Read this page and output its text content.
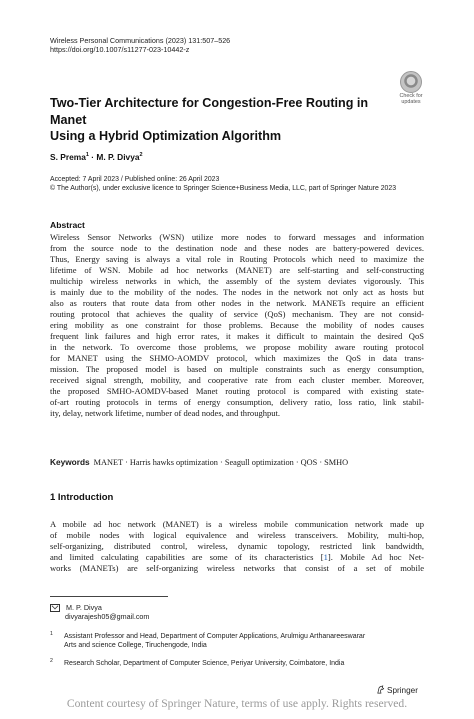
Wireless Personal Communications (2023) 131:507–526
https://doi.org/10.1007/s11277-023-10442-z
Check for
updates
Two-Tier Architecture for Congestion-Free Routing in Manet
Using a Hybrid Optimization Algorithm
S. Prema$^1$ · M. P. Divya$^2$
Accepted: 7 April 2023 / Published online: 26 April 2023
© The Author(s), under exclusive licence to Springer Science+Business Media, LLC, part of Springer Nature 2023
Abstract
Wireless Sensor Networks (WSN) utilize more nodes to forward messages and information
from the source node to the destination node and these nodes are battery-powered devices.
Thus, Energy saving is always a vital role in Routing Protocols which need to maximize the
lifetime of WSN. Mobile ad hoc networks (MANET) are self-starting and self-constructing
multichip wireless networks in which, the assembly of the system deviates vigorously. This
is mainly due to the mobility of the nodes. The nodes in the network not only act as hosts but
also as routers that route data from other nodes in the network. MANETs require an efficient
routing protocol that achieves the quality of service (QoS) mechanism. They are not consid-
ering mobility as one constraint for those problems. Because the mobility of nodes causes
frequent link failures and high error rates, it makes it difficult to maintain the desired QoS
in the network. To overcome those problems, we propose mobility aware routing protocol
for MANET using the SHMO-AOMDV protocol, which maximizes the QoS in data trans-
mission. The proposed model is based on multiple constraints such as energy consumption,
received signal strength, mobility, and cooperative rate from each cluster member. Moreover,
the proposed SMHO-AOMDV-based Manet routing protocol is compared with existing state-
of-art routing protocols in terms of energy consumption, delivery ratio, loss ratio, link stabil-
ity, delay, network lifetime, number of dead nodes, and throughput.
Keywords MANET · Harris hawks optimization · Seagull optimization · QOS · SMHO
1 Introduction
A mobile ad hoc network (MANET) is a wireless mobile communication network made up
of mobile nodes with logical equivalence and wireless transceivers. Mobility, multi-hop,
self-organizing, distributed control, wireless, dynamic topology, restricted link bandwidth,
and limited calculating capabilities are some of its characteristics [1]. Mobile Ad hoc Net-
works (MANETs) are self-organizing wireless networks that consist of a set of mobile
M. P. Divya
divyarajesh05@gmail.com
1 Assistant Professor and Head, Department of Computer Applications, Arulmigu Arthanareeswarar
Arts and science College, Tiruchengode, India
2 Research Scholar, Department of Computer Science, Periyar University, Coimbatore, India
Springer
Content courtesy of Springer Nature, terms of use apply. Rights reserved.
